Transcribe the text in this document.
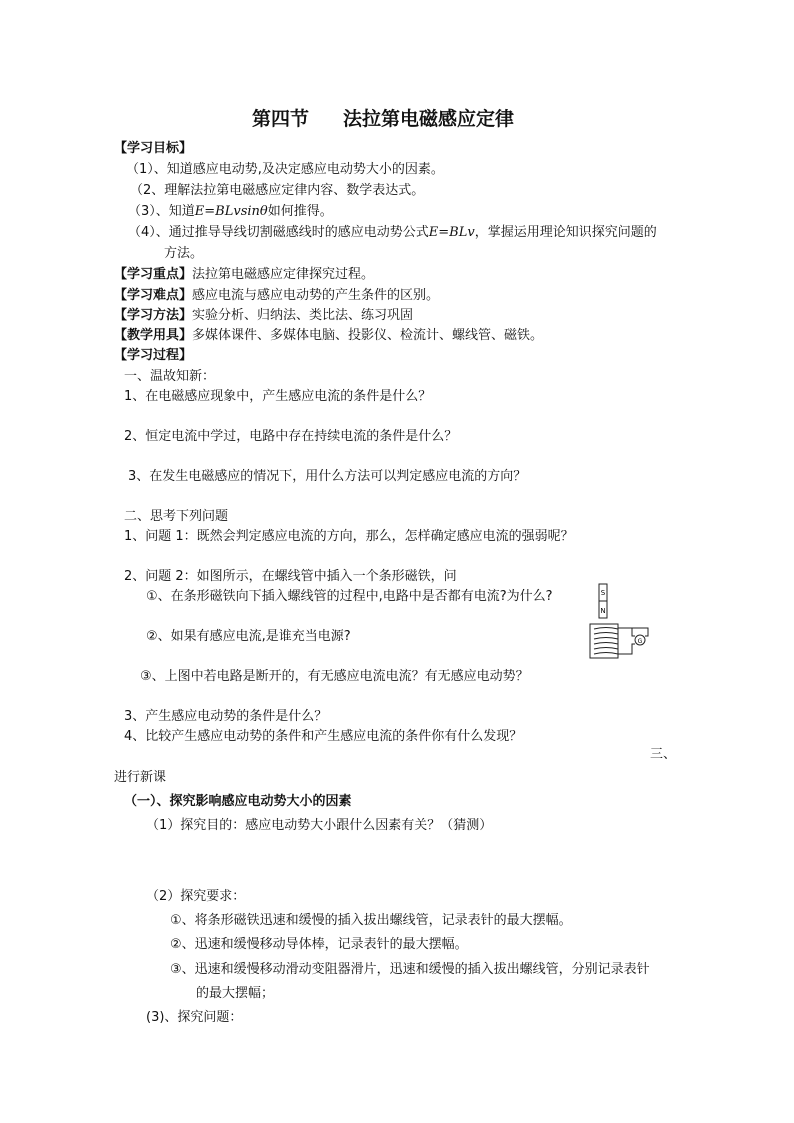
第四节 法拉第电磁感应定律
【学习目标】
（1）、知道感应电动势,及决定感应电动势大小的因素。
（2、理解法拉第电磁感应定律内容、数学表达式。
（3）、知道E=BLvsinθ如何推得。
（4）、通过推导导线切割磁感线时的感应电动势公式E=BLv，掌握运用理论知识探究问题的
方法。
【学习重点】法拉第电磁感应定律探究过程。
【学习难点】感应电流与感应电动势的产生条件的区别。
【学习方法】实验分析、归纳法、类比法、练习巩固
【教学用具】多媒体课件、多媒体电脑、投影仪、检流计、螺线管、磁铁。
【学习过程】
一、温故知新：
1、在电磁感应现象中，产生感应电流的条件是什么？
2、恒定电流中学过，电路中存在持续电流的条件是什么？
3、在发生电磁感应的情况下，用什么方法可以判定感应电流的方向？
二、思考下列问题
1、问题 1：既然会判定感应电流的方向，那么，怎样确定感应电流的强弱呢？
2、问题 2：如图所示，在螺线管中插入一个条形磁铁，问
①、在条形磁铁向下插入螺线管的过程中,电路中是否都有电流?为什么?
②、如果有感应电流,是谁充当电源?
③、上图中若电路是断开的，有无感应电流电流？有无感应电动势？
3、产生感应电动势的条件是什么？
4、比较产生感应电动势的条件和产生感应电流的条件你有什么发现？
S
N
G
三、
进行新课
（一）、探究影响感应电动势大小的因素
（1）探究目的：感应电动势大小跟什么因素有关？（猜测）
（2）探究要求：
①、将条形磁铁迅速和缓慢的插入拔出螺线管，记录表针的最大摆幅。
②、迅速和缓慢移动导体棒，记录表针的最大摆幅。
③、迅速和缓慢移动滑动变阻器滑片，迅速和缓慢的插入拔出螺线管，分别记录表针
的最大摆幅；
(3)、探究问题：
